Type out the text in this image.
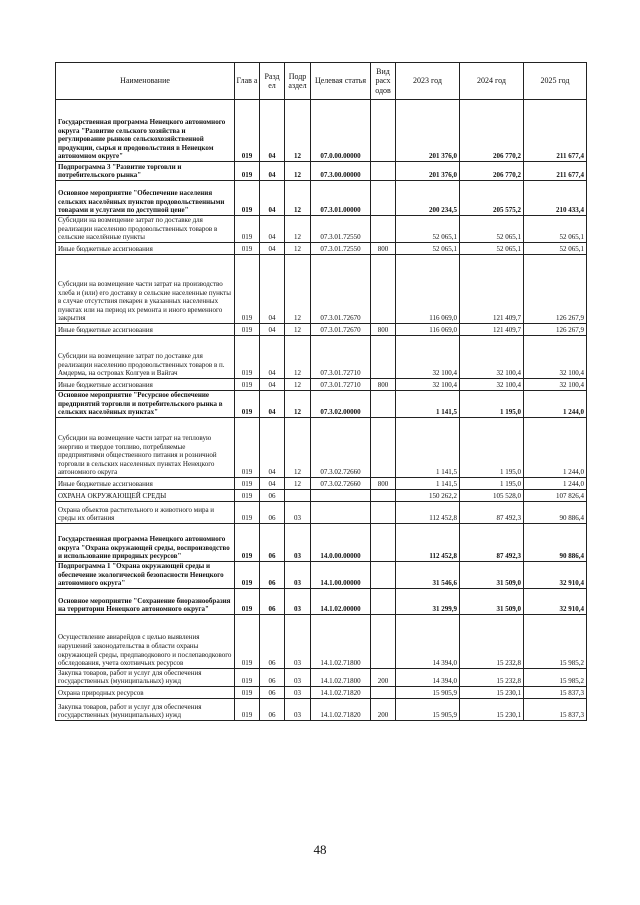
Наименование	Глав а	Разд ел	Подр аздел	Целевая статья	Вид расх одов	2023 год	2024 год	2025 год
Государственная программа Ненецкого автономного округа "Развитие сельского хозяйства и регулирование рынков сельскохозяйственной продукции, сырья и продовольствия в Ненецком автономном округе"	019	04	12	07.0.00.00000		201 376,0	206 770,2	211 677,4
Подпрограмма 3 "Развитие торговли и потребительского рынка"	019	04	12	07.3.00.00000		201 376,0	206 770,2	211 677,4
Основное мероприятие "Обеспечение населения сельских населённых пунктов продовольственными товарами и услугами по доступной цене"	019	04	12	07.3.01.00000		200 234,5	205 575,2	210 433,4
Субсидии на возмещение затрат по доставке для реализации населению продовольственных товаров в сельские населённые пункты	019	04	12	07.3.01.72550		52 065,1	52 065,1	52 065,1
Иные бюджетные ассигнования	019	04	12	07.3.01.72550	800	52 065,1	52 065,1	52 065,1
Субсидии на возмещение части затрат на производство хлеба и (или) его доставку в сельские населенные пункты в случае отсутствия пекарен в указанных населенных пунктах или на период их ремонта и иного временного закрытия	019	04	12	07.3.01.72670		116 069,0	121 409,7	126 267,9
Иные бюджетные ассигнования	019	04	12	07.3.01.72670	800	116 069,0	121 409,7	126 267,9
Субсидии на возмещение затрат по доставке для реализации населению продовольственных товаров в п. Амдерма, на островах Колгуев и Вайгач	019	04	12	07.3.01.72710		32 100,4	32 100,4	32 100,4
Иные бюджетные ассигнования	019	04	12	07.3.01.72710	800	32 100,4	32 100,4	32 100,4
Основное мероприятие "Ресурсное обеспечение предприятий торговли и потребительского рынка в сельских населённых пунктах"	019	04	12	07.3.02.00000		1 141,5	1 195,0	1 244,0
Субсидии на возмещение части затрат на тепловую энергию и твердое топливо, потребляемые предприятиями общественного питания и розничной торговли в сельских населенных пунктах Ненецкого автономного округа	019	04	12	07.3.02.72660		1 141,5	1 195,0	1 244,0
Иные бюджетные ассигнования	019	04	12	07.3.02.72660	800	1 141,5	1 195,0	1 244,0
ОХРАНА ОКРУЖАЮЩЕЙ СРЕДЫ	019	06				150 262,2	105 528,0	107 826,4
Охрана объектов растительного и животного мира и среды их обитания	019	06	03			112 452,8	87 492,3	90 886,4
Государственная программа Ненецкого автономного округа "Охрана окружающей среды, воспроизводство и использование природных ресурсов"	019	06	03	14.0.00.00000		112 452,8	87 492,3	90 886,4
Подпрограмма 1 "Охрана окружающей среды и обеспечение экологической безопасности Ненецкого автономного округа"	019	06	03	14.1.00.00000		31 546,6	31 509,0	32 910,4
Основное мероприятие "Сохранение биоразнообразия на территории Ненецкого автономного округа"	019	06	03	14.1.02.00000		31 299,9	31 509,0	32 910,4
Осуществление авиарейдов с целью выявления нарушений законодательства в области охраны окружающей среды, предпаводкового и послепаводкового обследования, учета охотничьих ресурсов	019	06	03	14.1.02.71800		14 394,0	15 232,8	15 985,2
Закупка товаров, работ и услуг для обеспечения государственных (муниципальных) нужд	019	06	03	14.1.02.71800	200	14 394,0	15 232,8	15 985,2
Охрана природных ресурсов	019	06	03	14.1.02.71820		15 905,9	15 230,1	15 837,3
Закупка товаров, работ и услуг для обеспечения государственных (муниципальных) нужд	019	06	03	14.1.02.71820	200	15 905,9	15 230,1	15 837,3
48
